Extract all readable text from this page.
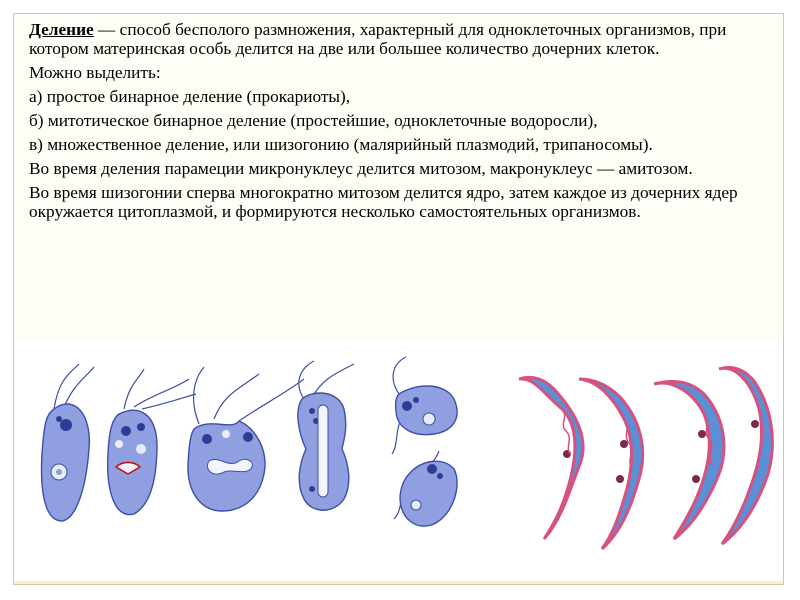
Деление — способ бесполого размножения, характерный для одноклеточных организмов, при котором материнская особь делится на две или большее количество дочерних клеток.

Можно выделить:

а) простое бинарное деление (прокариоты),

б) митотическое бинарное деление (простейшие, одноклеточные водоросли),

в) множественное деление, или шизогонию (малярийный плазмодий, трипаносомы).

Во время деления парамеции микронуклеус делится митозом, макронуклеус — амитозом.

Во время шизогонии сперва многократно митозом делится ядро, затем каждое из дочерних ядер окружается цитоплазмой, и формируются несколько самостоятельных организмов.
